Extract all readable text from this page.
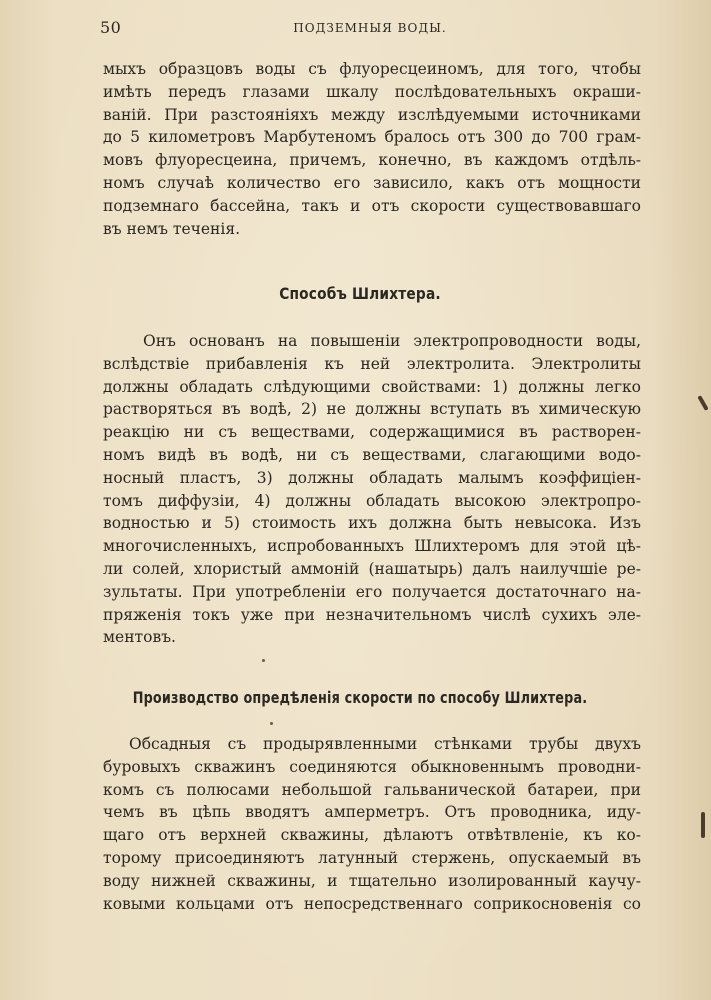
50	ПОДЗЕМНЫЯ ВОДЫ.
мыхъ образцовъ воды съ флуоресцеиномъ, для того, чтобы
имѣть передъ глазами шкалу послѣдовательныхъ окраши-
ваній. При разстояніяхъ между изслѣдуемыми источниками
до 5 километровъ Марбутеномъ бралось отъ 300 до 700 грам-
мовъ флуоресцеина, причемъ, конечно, въ каждомъ отдѣль-
номъ случаѣ количество его зависило, какъ отъ мощности
подземнаго бассейна, такъ и отъ скорости существовавшаго
въ немъ теченія.
Способъ Шлихтера.
Онъ основанъ на повышеніи электропроводности воды,
вслѣдствіе прибавленія къ ней электролита. Электролиты
должны обладать слѣдующими свойствами: 1) должны легко
растворяться въ водѣ, 2) не должны вступать въ химическую
реакцію ни съ веществами, содержащимися въ растворен-
номъ видѣ въ водѣ, ни съ веществами, слагающими водо-
носный пластъ, 3) должны обладать малымъ коэффиціен-
томъ диффузіи, 4) должны обладать высокою электропро-
водностью и 5) стоимость ихъ должна быть невысока. Изъ
многочисленныхъ, испробованныхъ Шлихтеромъ для этой цѣ-
ли солей, хлористый аммоній (нашатырь) далъ наилучшіе ре-
зультаты. При употребленіи его получается достаточнаго на-
пряженія токъ уже при незначительномъ числѣ сухихъ эле-
ментовъ.
Производство опредѣленія скорости по способу Шлихтера.
Обсадныя съ продырявленными стѣнками трубы двухъ
буровыхъ скважинъ соединяются обыкновеннымъ проводни-
комъ съ полюсами небольшой гальванической батареи, при
чемъ въ цѣпь вводятъ амперметръ. Отъ проводника, иду-
щаго отъ верхней скважины, дѣлаютъ отвѣтвленіе, къ ко-
торому присоединяютъ латунный стержень, опускаемый въ
воду нижней скважины, и тщательно изолированный каучу-
ковыми кольцами отъ непосредственнаго соприкосновенія со
